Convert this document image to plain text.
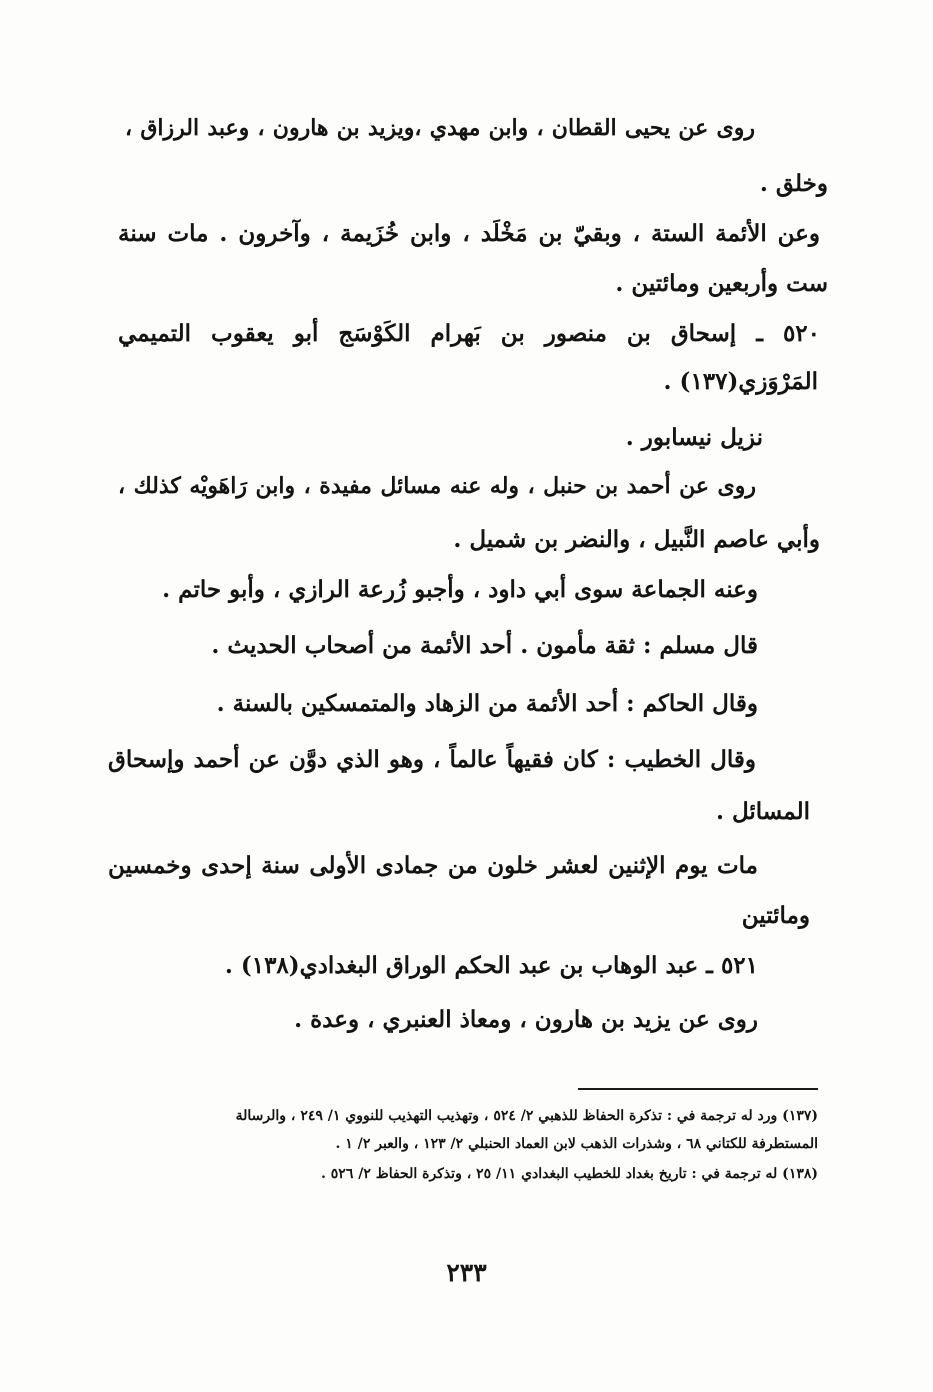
روى عن يحيى القطان ، وابن مهدي ،ويزيد بن هارون ، وعبد الرزاق ،
وخلق .
وعن الأئمة الستة ، وبقيّ بن مَخْلَد ، وابن خُزَيمة ، وآخرون . مات سنة
ست وأربعين ومائتين .
٥٢٠ ـ إسحاق بن منصور بن بَهرام الكَوْسَج أبو يعقوب التميمي
المَرْوَزي(١٣٧) .
نزيل نيسابور .
روى عن أحمد بن حنبل ، وله عنه مسائل مفيدة ، وابن رَاهَويْه كذلك ،
وأبي عاصم النَّبيل ، والنضر بن شميل .
وعنه الجماعة سوى أبي داود ، وأجبو زُرعة الرازي ، وأبو حاتم .
قال مسلم : ثقة مأمون . أحد الأئمة من أصحاب الحديث .
وقال الحاكم : أحد الأئمة من الزهاد والمتمسكين بالسنة .
وقال الخطيب : كان فقيهاً عالماً ، وهو الذي دوَّن عن أحمد وإسحاق
المسائل .
مات يوم الإثنين لعشر خلون من جمادى الأولى سنة إحدى وخمسين
ومائتين
٥٢١ ـ عبد الوهاب بن عبد الحكم الوراق البغدادي(١٣٨) .
روى عن يزيد بن هارون ، ومعاذ العنبري ، وعدة .
(١٣٧) ورد له ترجمة في : تذكرة الحفاظ للذهبي ٢/ ٥٢٤ ، وتهذيب التهذيب للنووي ١/ ٢٤٩ ، والرسالة
المستطرفة للكتاني ٦٨ ، وشذرات الذهب لابن العماد الحنبلي ٢/ ١٢٣ ، والعبر ٢/ ١ .
(١٣٨) له ترجمة في : تاريخ بغداد للخطيب البغدادي ١١/ ٢٥ ، وتذكرة الحفاظ ٢/ ٥٢٦ .
٢٣٣
